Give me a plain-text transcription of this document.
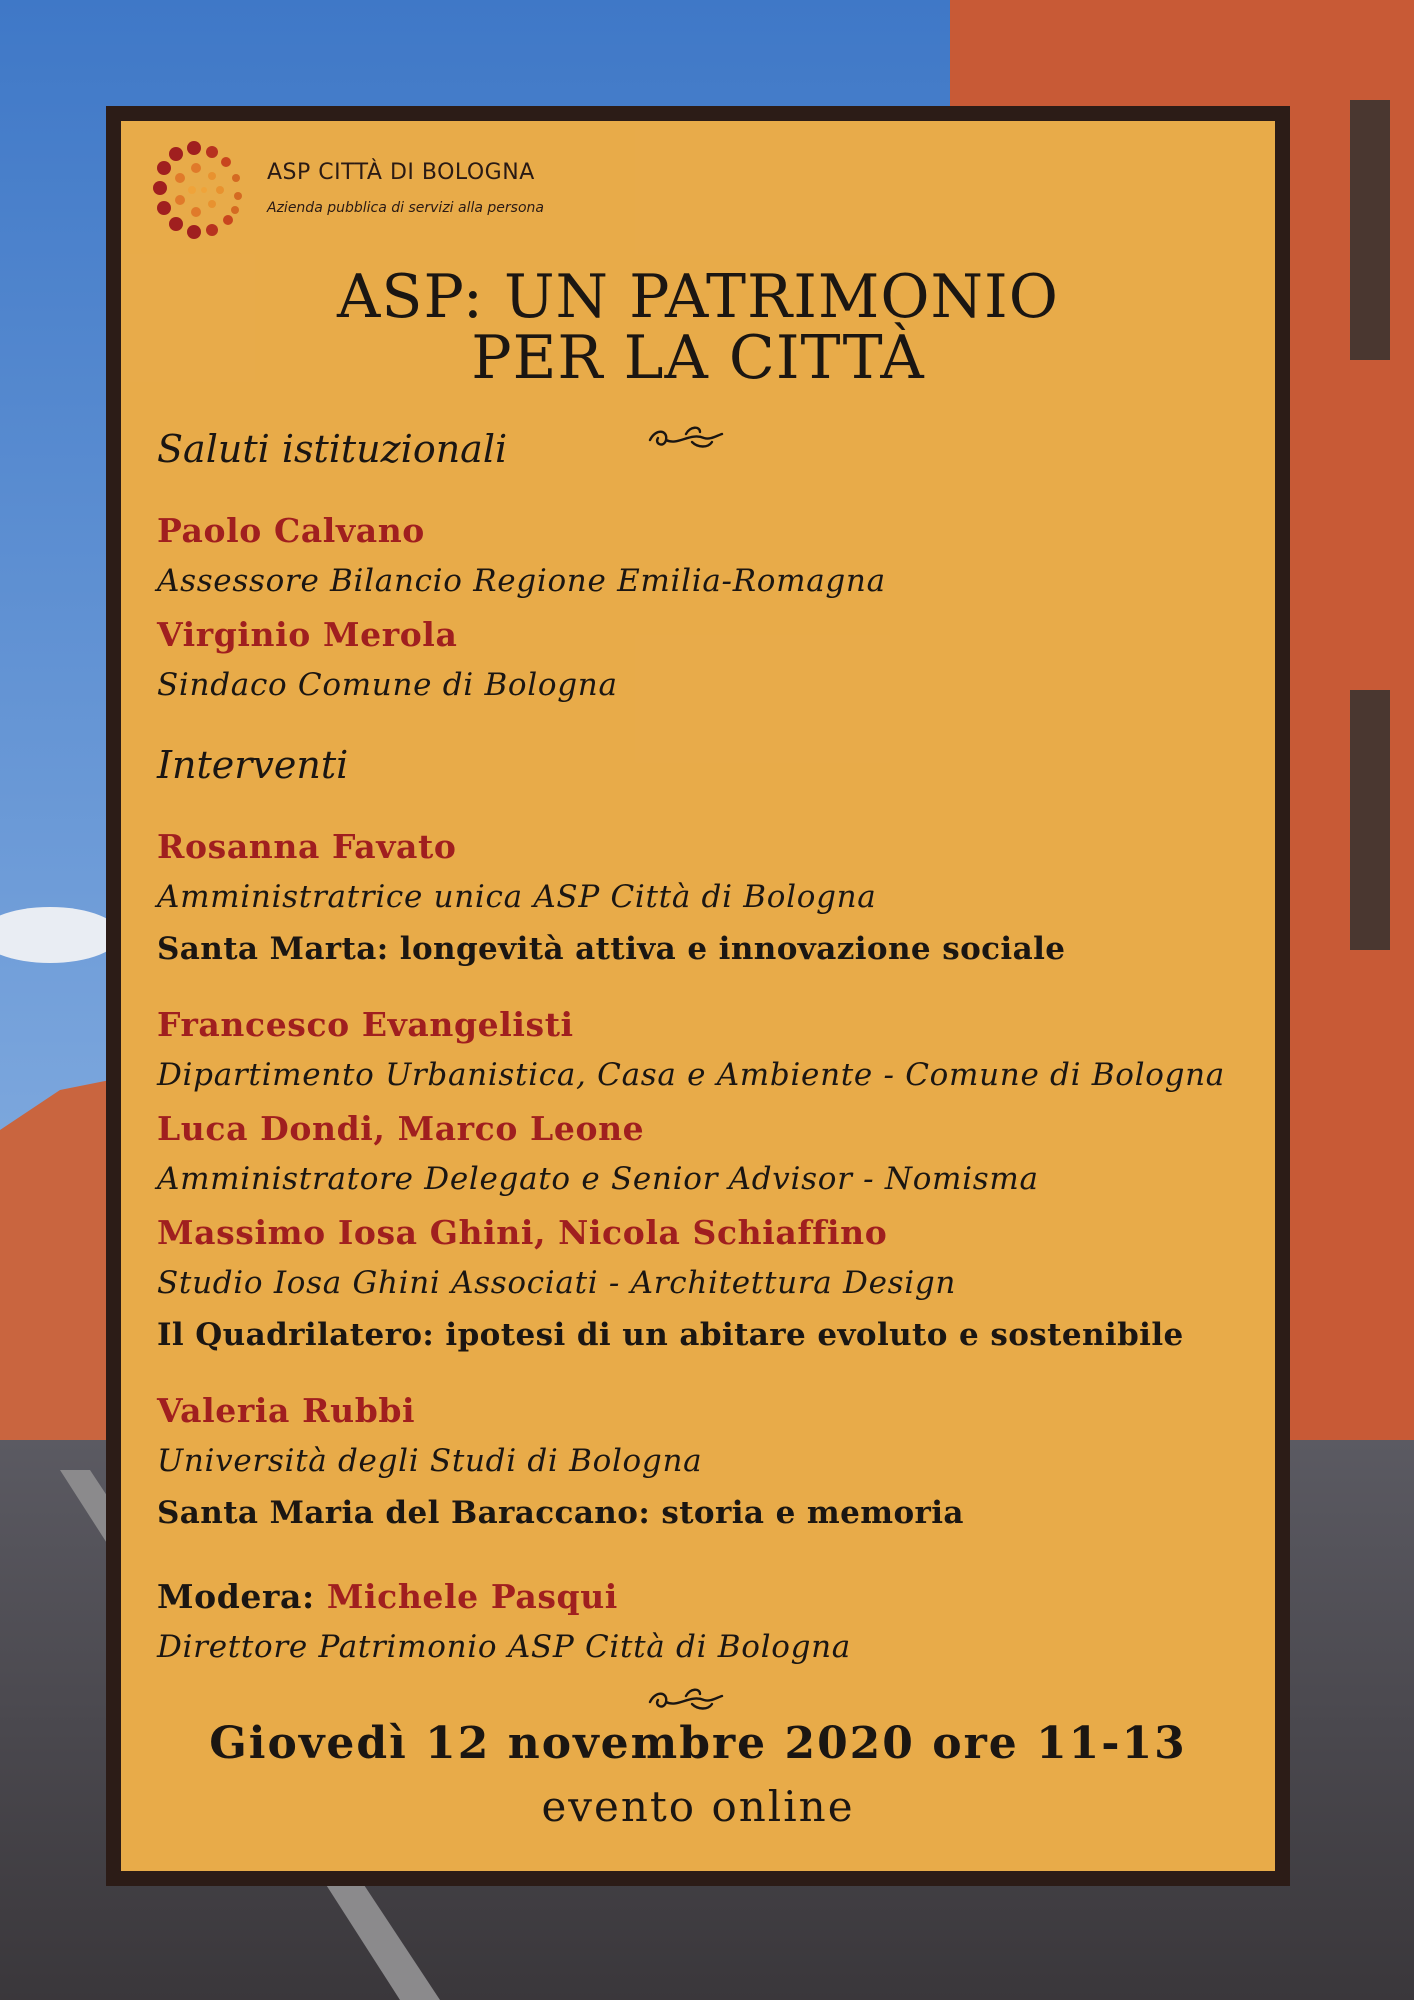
ASP CITTÀ DI BOLOGNA
Azienda pubblica di servizi alla persona
ASP: UN PATRIMONIO
PER LA CITTÀ
Saluti istituzionali
Paolo Calvano
Assessore Bilancio Regione Emilia-Romagna
Virginio Merola
Sindaco Comune di Bologna
Interventi
Rosanna Favato
Amministratrice unica ASP Città di Bologna
Santa Marta: longevità attiva e innovazione sociale
Francesco Evangelisti
Dipartimento Urbanistica, Casa e Ambiente - Comune di Bologna
Luca Dondi, Marco Leone
Amministratore Delegato e Senior Advisor - Nomisma
Massimo Iosa Ghini, Nicola Schiaffino
Studio Iosa Ghini Associati - Architettura Design
Il Quadrilatero: ipotesi di un abitare evoluto e sostenibile
Valeria Rubbi
Università degli Studi di Bologna
Santa Maria del Baraccano: storia e memoria
Modera: Michele Pasqui
Direttore Patrimonio ASP Città di Bologna
Giovedì 12 novembre 2020 ore 11-13
evento online
